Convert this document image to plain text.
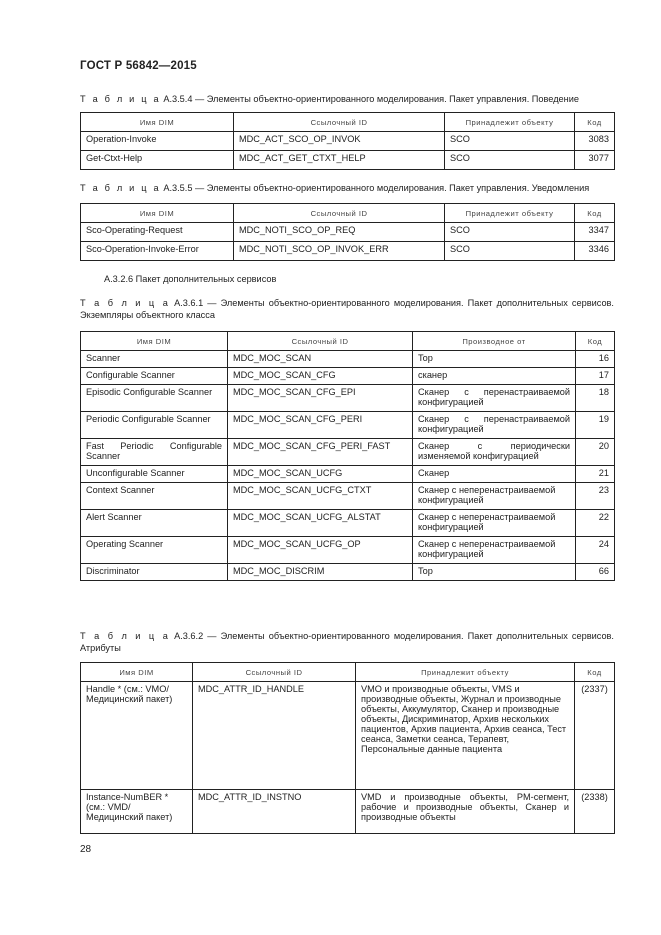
ГОСТ Р 56842—2015
Т а б л и ц а А.3.5.4 — Элементы объектно-ориентированного моделирования. Пакет управления. Поведение
Имя DIM	Ссылочный ID	Принадлежит объекту	Код
Operation-Invoke	MDC_ACT_SCO_OP_INVOK	SCO	3083
Get-Ctxt-Help	MDC_ACT_GET_CTXT_HELP	SCO	3077
Т а б л и ц а А.3.5.5 — Элементы объектно-ориентированного моделирования. Пакет управления. Уведомления
Имя DIM	Ссылочный ID	Принадлежит объекту	Код
Sco-Operating-Request	MDC_NOTI_SCO_OP_REQ	SCO	3347
Sco-Operation-Invoke-Error	MDC_NOTI_SCO_OP_INVOK_ERR	SCO	3346
А.3.2.6 Пакет дополнительных сервисов
Т а б л и ц а А.3.6.1 — Элементы объектно-ориентированного моделирования. Пакет дополнительных сервисов. Экземпляры объектного класса
Имя DIM	Ссылочный ID	Производное от	Код
Scanner	MDC_MOC_SCAN	Top	16
Configurable Scanner	MDC_MOC_SCAN_CFG	сканер	17
Episodic Configurable Scanner	MDC_MOC_SCAN_CFG_EPI	Сканер с перенастраиваемой конфигурацией	18
Periodic Configurable Scanner	MDC_MOC_SCAN_CFG_PERI	Сканер с перенастраиваемой конфигурацией	19
Fast Periodic Configurable Scanner	MDC_MOC_SCAN_CFG_PERI_FAST	Сканер с периодически изменяемой конфигурацией	20
Unconfigurable Scanner	MDC_MOC_SCAN_UCFG	Сканер	21
Context Scanner	MDC_MOC_SCAN_UCFG_CTXT	Сканер с неперенастраиваемой конфигурацией	23
Alert Scanner	MDC_MOC_SCAN_UCFG_ALSTAT	Сканер с неперенастраиваемой конфигурацией	22
Operating Scanner	MDC_MOC_SCAN_UCFG_OP	Сканер с неперенастраиваемой конфигурацией	24
Discriminator	MDC_MOC_DISCRIM	Top	66
Т а б л и ц а А.3.6.2 — Элементы объектно-ориентированного моделирования. Пакет дополнительных сервисов. Атрибуты
Имя DIM	Ссылочный ID	Принадлежит объекту	Код
Handle * (см.: VMO/ Медицинский пакет)	MDC_ATTR_ID_HANDLE	VMO и производные объекты, VMS и производные объекты, Журнал и производные объекты, Аккумулятор, Сканер и производные объекты, Дискриминатор, Архив нескольких пациентов, Архив пациента, Архив сеанса, Тест сеанса, Заметки сеанса, Терапевт, Персональные данные пациента	(2337)
Instance-NumBER * (см.: VMD/ Медицинский пакет)	MDC_ATTR_ID_INSTNO	VMD и производные объекты, PM-сегмент, рабочие и производные объекты, Сканер и производные объекты	(2338)
28
